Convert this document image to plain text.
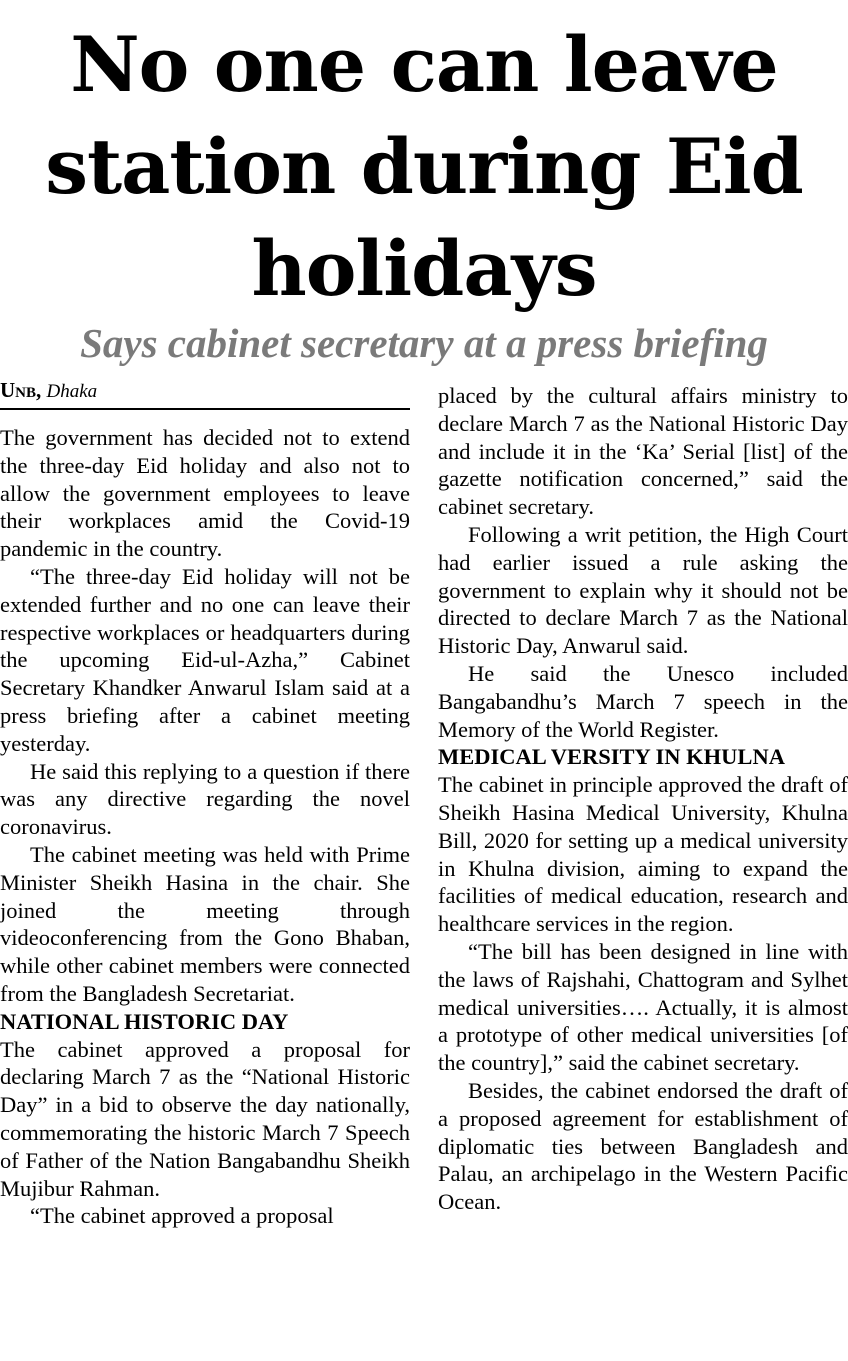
No one can leave station during Eid holidays
Says cabinet secretary at a press briefing
Unb, Dhaka

The government has decided not to extend the three-day Eid holiday and also not to allow the government employees to leave their workplaces amid the Covid-19 pandemic in the country.

“The three-day Eid holiday will not be extended further and no one can leave their respective workplaces or headquarters during the upcoming Eid-ul-Azha,” Cabinet Secretary Khandker Anwarul Islam said at a press briefing after a cabinet meeting yesterday.

He said this replying to a question if there was any directive regarding the novel coronavirus.

The cabinet meeting was held with Prime Minister Sheikh Hasina in the chair. She joined the meeting through videoconferencing from the Gono Bhaban, while other cabinet members were connected from the Bangladesh Secretariat.

NATIONAL HISTORIC DAY

The cabinet approved a proposal for declaring March 7 as the “National Historic Day” in a bid to observe the day nationally, commemorating the historic March 7 Speech of Father of the Nation Bangabandhu Sheikh Mujibur Rahman.

“The cabinet approved a proposal

placed by the cultural affairs ministry to declare March 7 as the National Historic Day and include it in the ‘Ka’ Serial [list] of the gazette notification concerned,” said the cabinet secretary.

Following a writ petition, the High Court had earlier issued a rule asking the government to explain why it should not be directed to declare March 7 as the National Historic Day, Anwarul said.

He said the Unesco included Bangabandhu’s March 7 speech in the Memory of the World Register.

MEDICAL VERSITY IN KHULNA

The cabinet in principle approved the draft of Sheikh Hasina Medical University, Khulna Bill, 2020 for setting up a medical university in Khulna division, aiming to expand the facilities of medical education, research and healthcare services in the region.

“The bill has been designed in line with the laws of Rajshahi, Chattogram and Sylhet medical universities…. Actually, it is almost a prototype of other medical universities [of the country],” said the cabinet secretary.

Besides, the cabinet endorsed the draft of a proposed agreement for establishment of diplomatic ties between Bangladesh and Palau, an archipelago in the Western Pacific Ocean.
